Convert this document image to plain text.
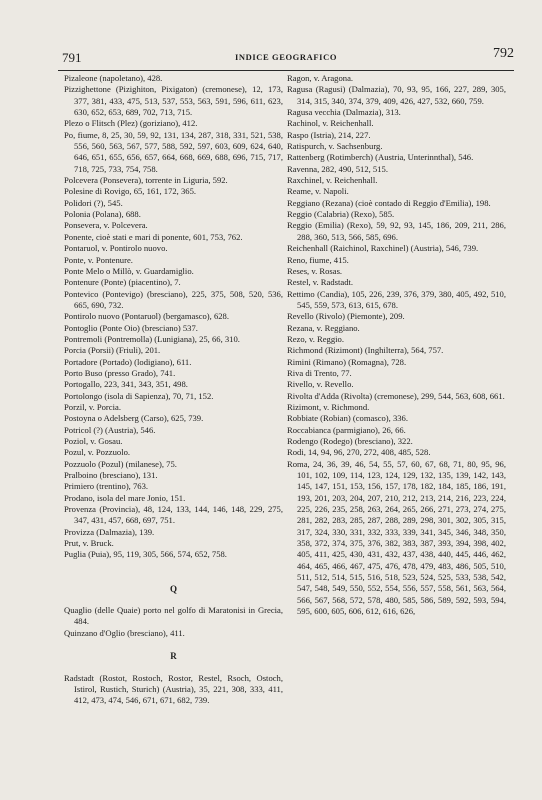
791	INDICE GEOGRAFICO	792

Pizaleone (napoletano), 428.

Pizzighettone (Pizighiton, Pixigaton) (cremonese), 12, 173, 377, 381, 433, 475, 513, 537, 553, 563, 591, 596, 611, 623, 630, 652, 653, 689, 702, 713, 715.

Plezo o Flitsch (Plez) (goriziano), 412.

Po, fiume, 8, 25, 30, 59, 92, 131, 134, 287, 318, 331, 521, 538, 556, 560, 563, 567, 577, 588, 592, 597, 603, 609, 624, 640, 646, 651, 655, 656, 657, 664, 668, 669, 688, 696, 715, 717, 718, 725, 733, 754, 758.

Polcevera (Ponsevera), torrente in Liguria, 592.

Polesine di Rovigo, 65, 161, 172, 365.

Polidori (?), 545.

Polonia (Polana), 688.

Ponsevera, v. Polcevera.

Ponente, cioè stati e mari di ponente, 601, 753, 762.

Pontaruol, v. Pontirolo nuovo.

Ponte, v. Pontenure.

Ponte Melo o Millò, v. Guardamiglio.

Pontenure (Ponte) (piacentino), 7.

Pontevico (Pontevigo) (bresciano), 225, 375, 508, 520, 536, 665, 690, 732.

Pontirolo nuovo (Pontaruol) (bergamasco), 628.

Pontoglio (Ponte Oio) (bresciano) 537.

Pontremoli (Pontremolla) (Lunigiana), 25, 66, 310.

Porcia (Porsii) (Friuli), 201.

Portadore (Portado) (lodigiano), 611.

Porto Buso (presso Grado), 741.

Portogallo, 223, 341, 343, 351, 498.

Portolongo (isola di Sapienza), 70, 71, 152.

Porzil, v. Porcia.

Postoyna o Adelsberg (Carso), 625, 739.

Potricol (?) (Austria), 546.

Poziol, v. Gosau.

Pozul, v. Pozzuolo.

Pozzuolo (Pozul) (milanese), 75.

Pralboino (bresciano), 131.

Primiero (trentino), 763.

Prodano, isola del mare Jonio, 151.

Provenza (Provincia), 48, 124, 133, 144, 146, 148, 229, 275, 347, 431, 457, 668, 697, 751.

Provizza (Dalmazia), 139.

Prut, v. Bruck.

Puglia (Puia), 95, 119, 305, 566, 574, 652, 758.

Q

Quaglio (delle Quaie) porto nel golfo di Maratonisi in Grecia, 484.

Quinzano d'Oglio (bresciano), 411.

R

Radstadt (Rostot, Rostoch, Rostor, Restel, Rsoch, Ostoch, Istirol, Rustich, Sturich) (Austria), 35, 221, 308, 333, 411, 412, 473, 474, 546, 671, 671, 682, 739.

Ragon, v. Aragona.

Ragusa (Ragusi) (Dalmazia), 70, 93, 95, 166, 227, 289, 305, 314, 315, 340, 374, 379, 409, 426, 427, 532, 660, 759.

Ragusa vecchia (Dalmazia), 313.

Rachinol, v. Reichenhall.

Raspo (Istria), 214, 227.

Ratispurch, v. Sachsenburg.

Rattenberg (Rotimberch) (Austria, Unterinnthal), 546.

Ravenna, 282, 490, 512, 515.

Raxchinel, v. Reichenhall.

Reame, v. Napoli.

Reggiano (Rezana) (cioè contado di Reggio d'Emilia), 198.

Reggio (Calabria) (Rexo), 585.

Reggio (Emilia) (Rexo), 59, 92, 93, 145, 186, 209, 211, 286, 288, 360, 513, 566, 585, 696.

Reichenhall (Raichinol, Raxchinel) (Austria), 546, 739.

Reno, fiume, 415.

Reses, v. Rosas.

Restel, v. Radstadt.

Rettimo (Candia), 105, 226, 239, 376, 379, 380, 405, 492, 510, 545, 559, 573, 613, 615, 678.

Revello (Rivolo) (Piemonte), 209.

Rezana, v. Reggiano.

Rezo, v. Reggio.

Richmond (Rizimont) (Inghilterra), 564, 757.

Rimini (Rimano) (Romagna), 728.

Riva di Trento, 77.

Rivello, v. Revello.

Rivolta d'Adda (Rivolta) (cremonese), 299, 544, 563, 608, 661.

Rizimont, v. Richmond.

Robbiate (Robian) (comasco), 336.

Roccabianca (parmigiano), 26, 66.

Rodengo (Rodego) (bresciano), 322.

Rodi, 14, 94, 96, 270, 272, 408, 485, 528.

Roma, 24, 36, 39, 46, 54, 55, 57, 60, 67, 68, 71, 80, 95, 96, 101, 102, 109, 114, 123, 124, 129, 132, 135, 139, 142, 143, 145, 147, 151, 153, 156, 157, 178, 182, 184, 185, 186, 191, 193, 201, 203, 204, 207, 210, 212, 213, 214, 216, 223, 224, 225, 226, 235, 258, 263, 264, 265, 266, 271, 273, 274, 275, 281, 282, 283, 285, 287, 288, 289, 298, 301, 302, 305, 315, 317, 324, 330, 331, 332, 333, 339, 341, 345, 346, 348, 350, 358, 372, 374, 375, 376, 382, 383, 387, 393, 394, 398, 402, 405, 411, 425, 430, 431, 432, 437, 438, 440, 445, 446, 462, 464, 465, 466, 467, 475, 476, 478, 479, 483, 486, 505, 510, 511, 512, 514, 515, 516, 518, 523, 524, 525, 533, 538, 542, 547, 548, 549, 550, 552, 554, 556, 557, 558, 561, 563, 564, 566, 567, 568, 572, 578, 480, 585, 586, 589, 592, 593, 594, 595, 600, 605, 606, 612, 616, 626,
